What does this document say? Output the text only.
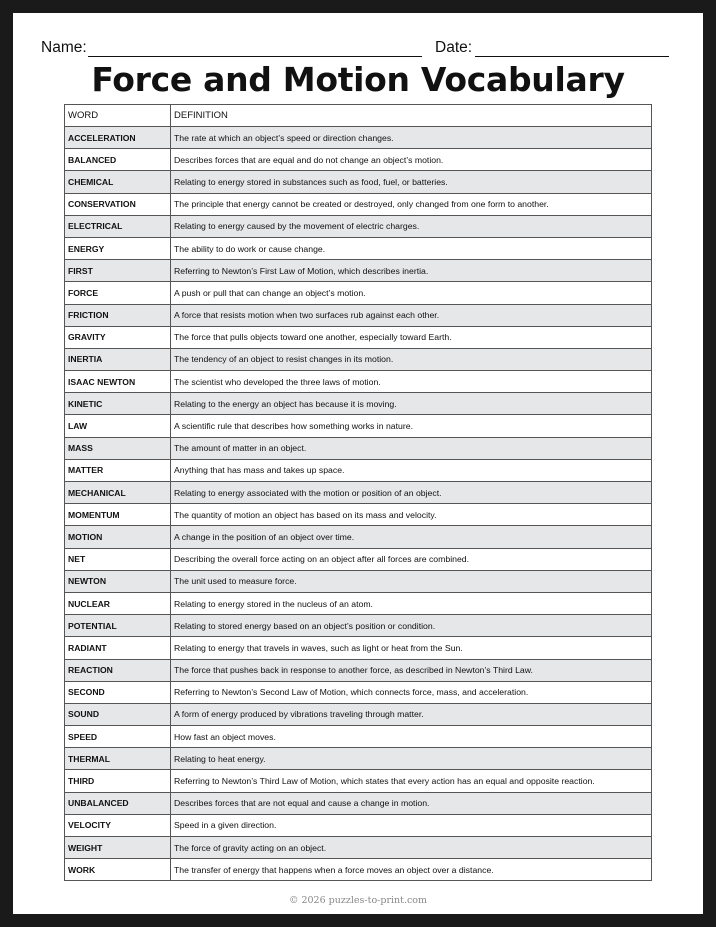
Name:	Date:
Force and Motion Vocabulary
WORD	DEFINITION
ACCELERATION	The rate at which an object’s speed or direction changes.
BALANCED	Describes forces that are equal and do not change an object’s motion.
CHEMICAL	Relating to energy stored in substances such as food, fuel, or batteries.
CONSERVATION	The principle that energy cannot be created or destroyed, only changed from one form to another.
ELECTRICAL	Relating to energy caused by the movement of electric charges.
ENERGY	The ability to do work or cause change.
FIRST	Referring to Newton’s First Law of Motion, which describes inertia.
FORCE	A push or pull that can change an object’s motion.
FRICTION	A force that resists motion when two surfaces rub against each other.
GRAVITY	The force that pulls objects toward one another, especially toward Earth.
INERTIA	The tendency of an object to resist changes in its motion.
ISAAC NEWTON	The scientist who developed the three laws of motion.
KINETIC	Relating to the energy an object has because it is moving.
LAW	A scientific rule that describes how something works in nature.
MASS	The amount of matter in an object.
MATTER	Anything that has mass and takes up space.
MECHANICAL	Relating to energy associated with the motion or position of an object.
MOMENTUM	The quantity of motion an object has based on its mass and velocity.
MOTION	A change in the position of an object over time.
NET	Describing the overall force acting on an object after all forces are combined.
NEWTON	The unit used to measure force.
NUCLEAR	Relating to energy stored in the nucleus of an atom.
POTENTIAL	Relating to stored energy based on an object’s position or condition.
RADIANT	Relating to energy that travels in waves, such as light or heat from the Sun.
REACTION	The force that pushes back in response to another force, as described in Newton’s Third Law.
SECOND	Referring to Newton’s Second Law of Motion, which connects force, mass, and acceleration.
SOUND	A form of energy produced by vibrations traveling through matter.
SPEED	How fast an object moves.
THERMAL	Relating to heat energy.
THIRD	Referring to Newton’s Third Law of Motion, which states that every action has an equal and opposite reaction.
UNBALANCED	Describes forces that are not equal and cause a change in motion.
VELOCITY	Speed in a given direction.
WEIGHT	The force of gravity acting on an object.
WORK	The transfer of energy that happens when a force moves an object over a distance.
© 2026 puzzles-to-print.com
